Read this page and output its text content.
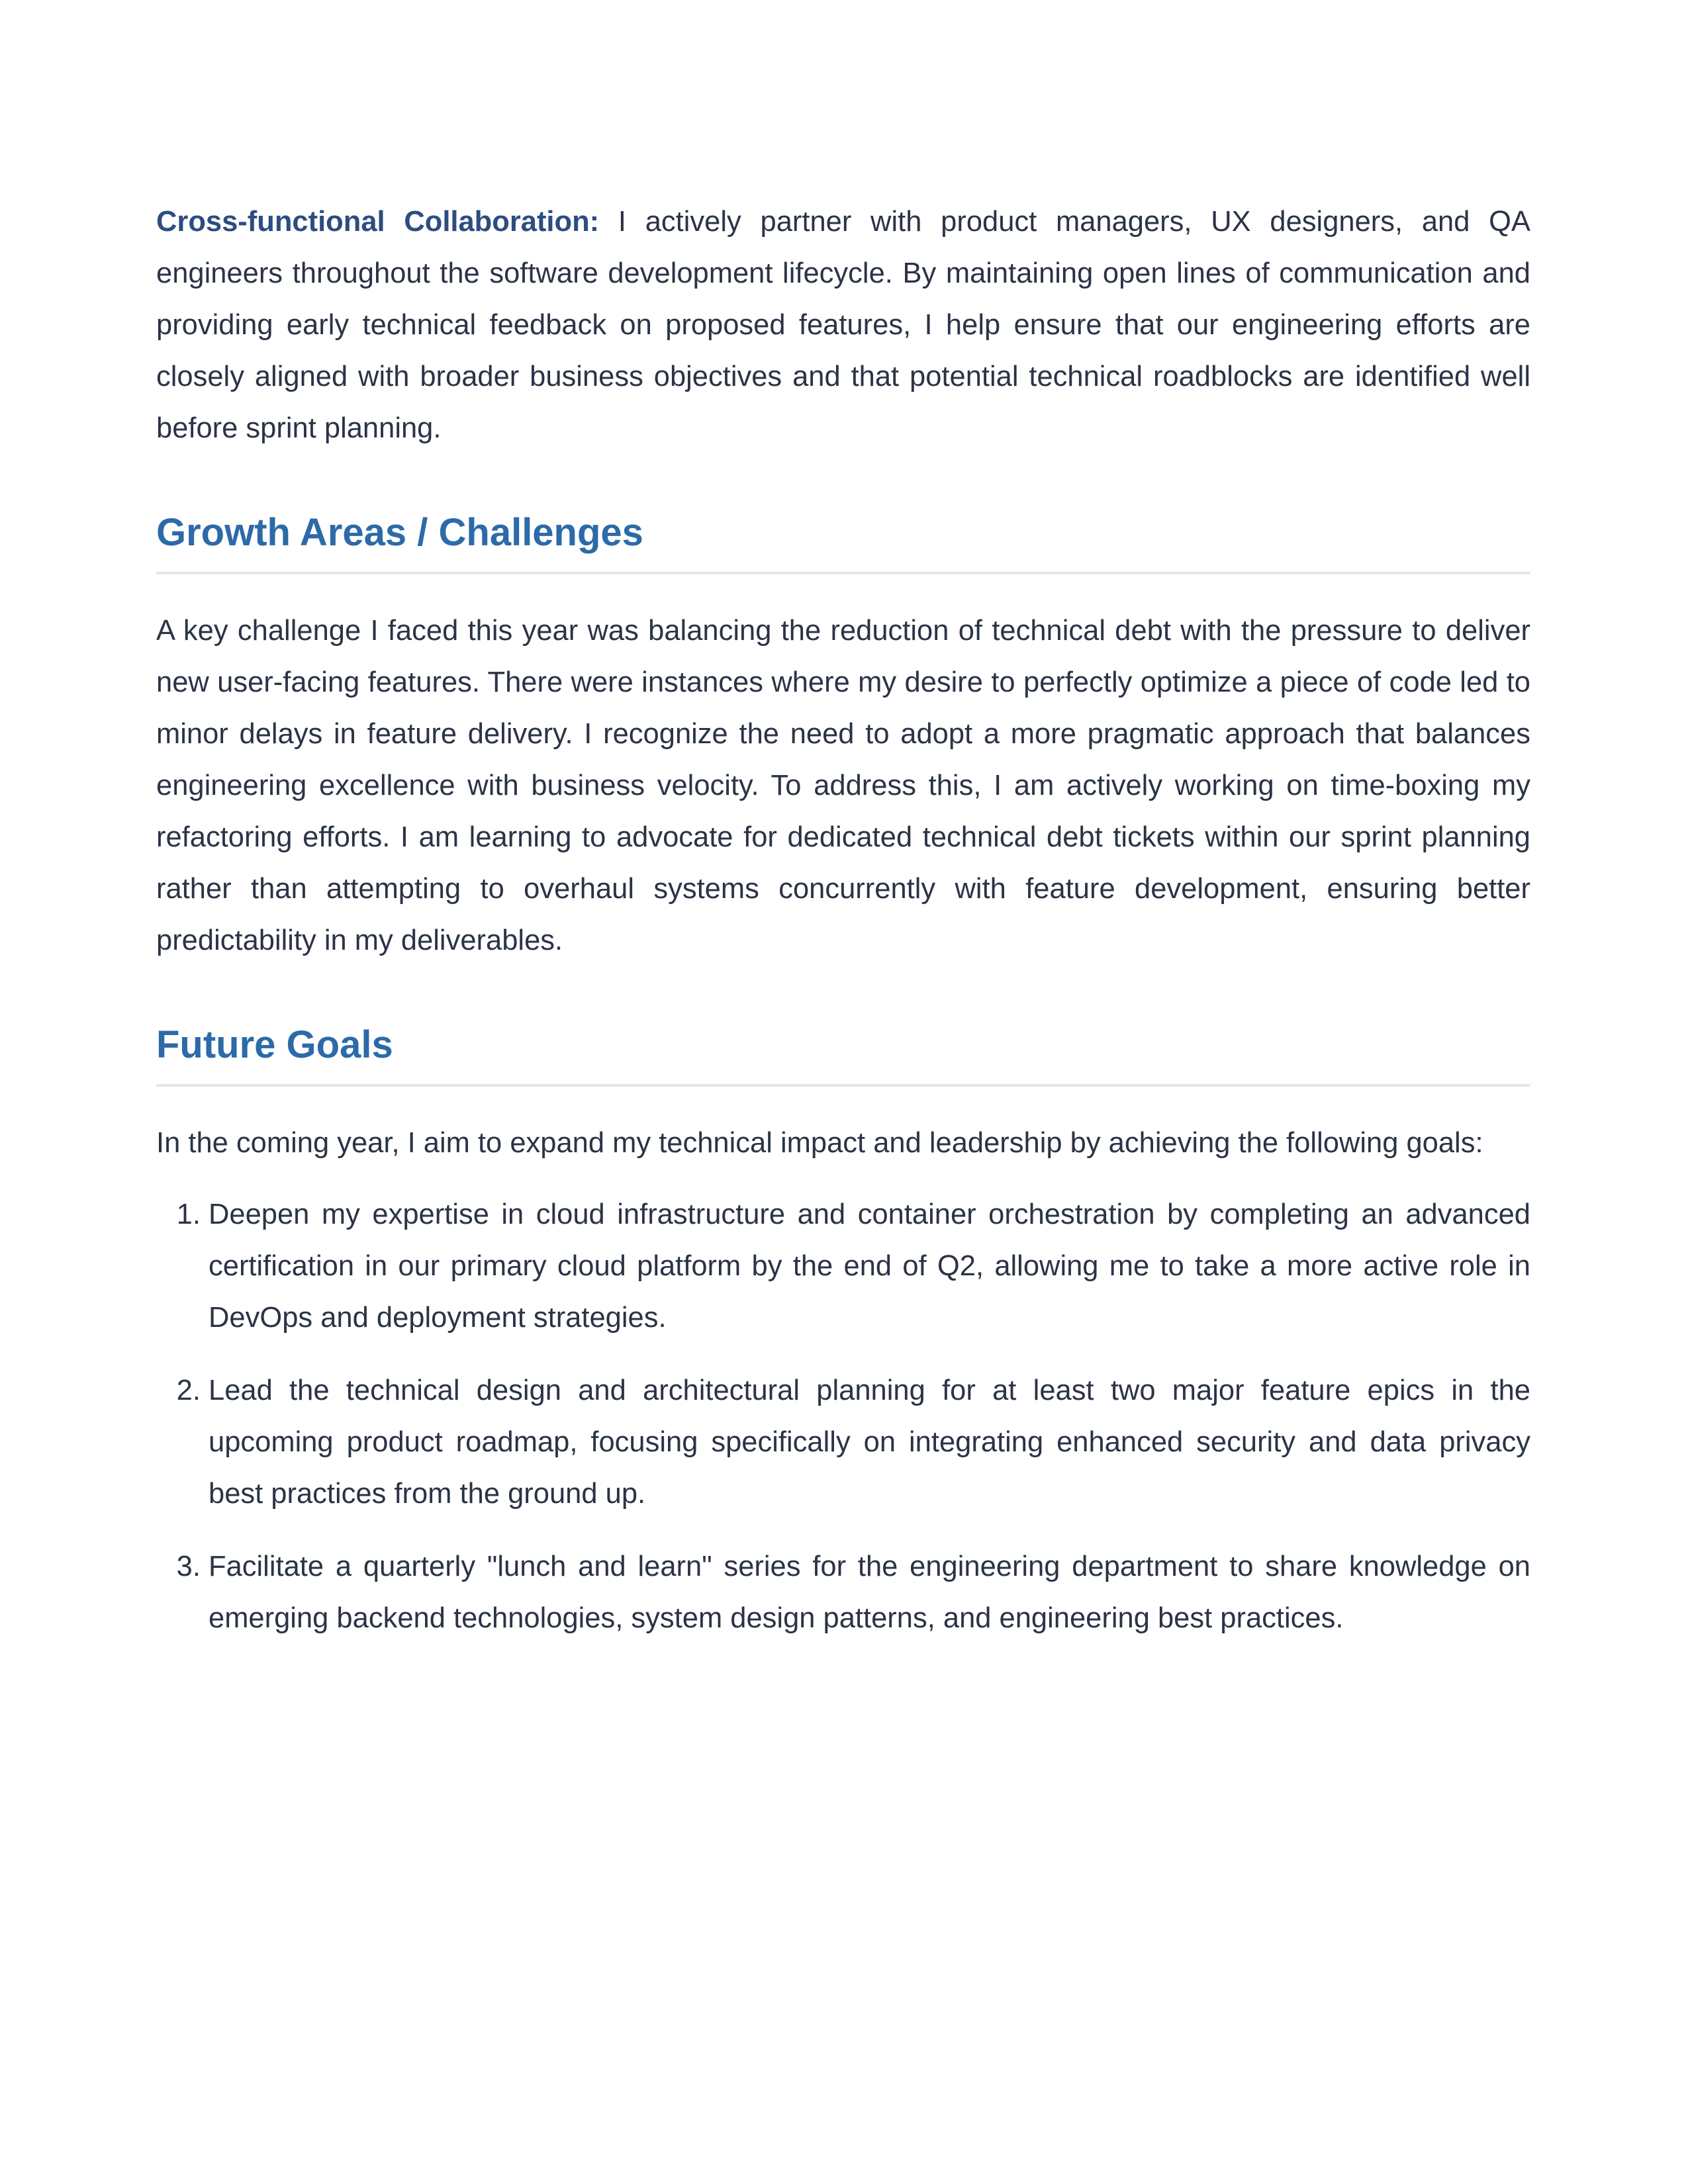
Cross-functional Collaboration: I actively partner with product managers, UX designers, and QA engineers throughout the software development lifecycle. By maintaining open lines of communication and providing early technical feedback on proposed features, I help ensure that our engineering efforts are closely aligned with broader business objectives and that potential technical roadblocks are identified well before sprint planning.

Growth Areas / Challenges

A key challenge I faced this year was balancing the reduction of technical debt with the pressure to deliver new user-facing features. There were instances where my desire to perfectly optimize a piece of code led to minor delays in feature delivery. I recognize the need to adopt a more pragmatic approach that balances engineering excellence with business velocity. To address this, I am actively working on time-boxing my refactoring efforts. I am learning to advocate for dedicated technical debt tickets within our sprint planning rather than attempting to overhaul systems concurrently with feature development, ensuring better predictability in my deliverables.

Future Goals

In the coming year, I aim to expand my technical impact and leadership by achieving the following goals:

1. Deepen my expertise in cloud infrastructure and container orchestration by completing an advanced certification in our primary cloud platform by the end of Q2, allowing me to take a more active role in DevOps and deployment strategies.
2. Lead the technical design and architectural planning for at least two major feature epics in the upcoming product roadmap, focusing specifically on integrating enhanced security and data privacy best practices from the ground up.
3. Facilitate a quarterly "lunch and learn" series for the engineering department to share knowledge on emerging backend technologies, system design patterns, and engineering best practices.
